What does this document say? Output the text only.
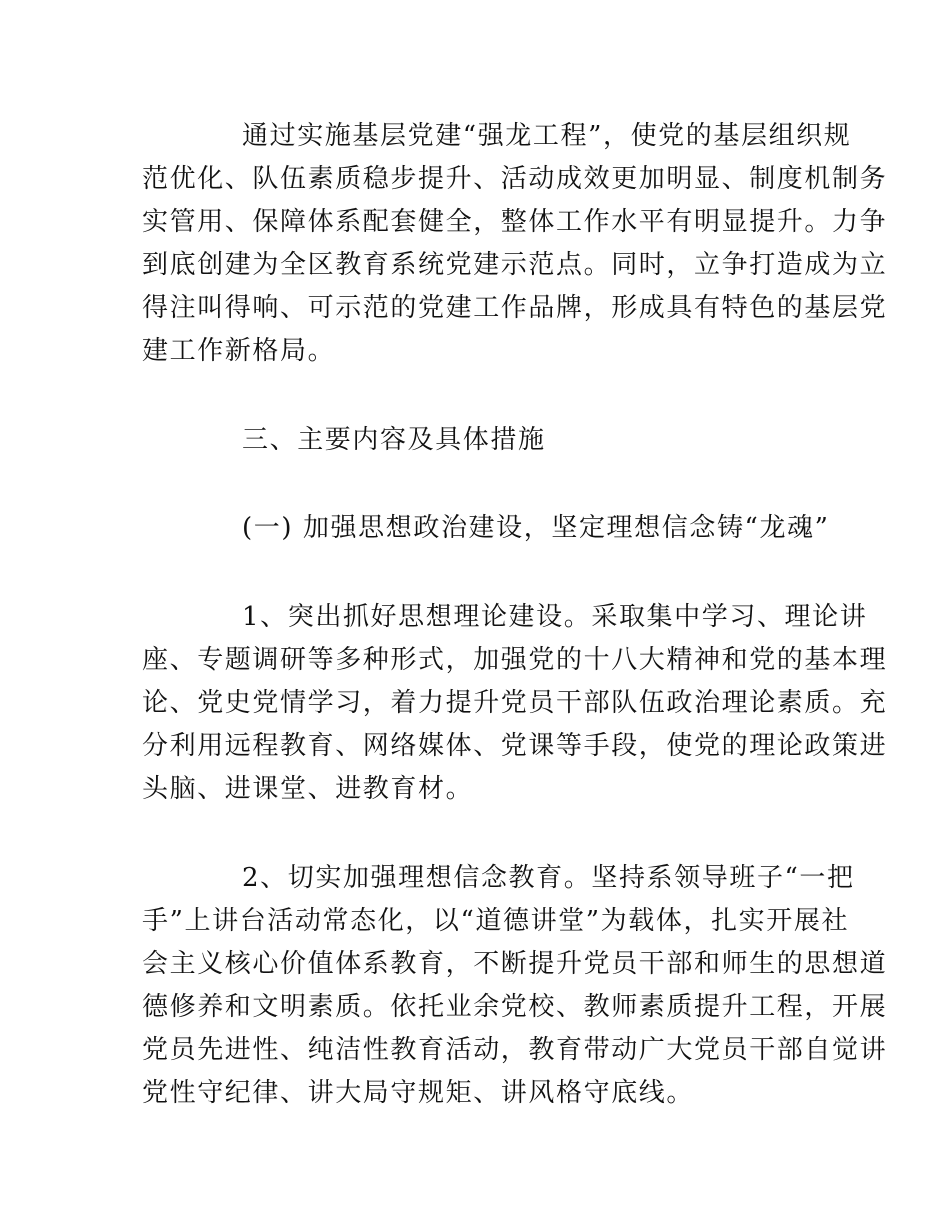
通过实施基层党建“强龙工程”，使党的基层组织规
范优化、队伍素质稳步提升、活动成效更加明显、制度机制务
实管用、保障体系配套健全，整体工作水平有明显提升。力争
到底创建为全区教育系统党建示范点。同时，立争打造成为立
得注叫得响、可示范的党建工作品牌，形成具有特色的基层党
建工作新格局。
三、主要内容及具体措施
(一) 加强思想政治建设，坚定理想信念铸“龙魂”
1、突出抓好思想理论建设。采取集中学习、理论讲
座、专题调研等多种形式，加强党的十八大精神和党的基本理
论、党史党情学习，着力提升党员干部队伍政治理论素质。充
分利用远程教育、网络媒体、党课等手段，使党的理论政策进
头脑、进课堂、进教育材。
2、切实加强理想信念教育。坚持系领导班子“一把
手”上讲台活动常态化，以“道德讲堂”为载体，扎实开展社
会主义核心价值体系教育，不断提升党员干部和师生的思想道
德修养和文明素质。依托业余党校、教师素质提升工程，开展
党员先进性、纯洁性教育活动，教育带动广大党员干部自觉讲
党性守纪律、讲大局守规矩、讲风格守底线。
